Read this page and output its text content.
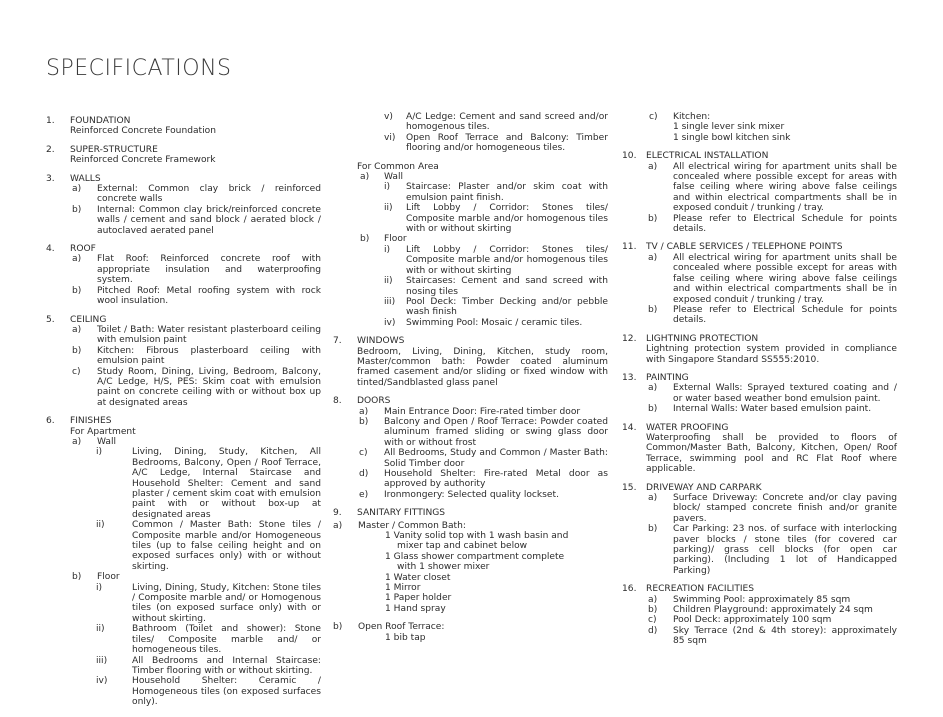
SPECIFICATIONS
1. FOUNDATION
Reinforced Concrete Foundation
2. SUPER-STRUCTURE
Reinforced Concrete Framework
3. WALLS
a) External: Common clay brick / reinforced concrete walls
b) Internal: Common clay brick/reinforced concrete walls / cement and sand block / aerated block / autoclaved aerated panel
4. ROOF
a) Flat Roof: Reinforced concrete roof with appropriate insulation and waterproofing system.
b) Pitched Roof: Metal roofing system with rock wool insulation.
5. CEILING
a) Toilet / Bath: Water resistant plasterboard ceiling with emulsion paint
b) Kitchen: Fibrous plasterboard ceiling with emulsion paint
c) Study Room, Dining, Living, Bedroom, Balcony, A/C Ledge, H/S, PES: Skim coat with emulsion paint on concrete ceiling with or without box up at designated areas
6. FINISHES
For Apartment
a) Wall
i)	Living, Dining, Study, Kitchen, All Bedrooms, Balcony, Open / Roof Terrace, A/C Ledge, Internal Staircase and Household Shelter: Cement and sand plaster / cement skim coat with emulsion paint with or without box-up at designated areas
ii)	Common / Master Bath: Stone tiles / Composite marble and/or Homogeneous tiles (up to false ceiling height and on exposed surfaces only) with or without skirting.
b) Floor
i)	Living, Dining, Study, Kitchen: Stone tiles / Composite marble and/ or Homogenous tiles (on exposed surface only) with or without skirting.
ii)	Bathroom (Toilet and shower): Stone tiles/ Composite marble and/ or homogeneous tiles.
iii)	All Bedrooms and Internal Staircase: Timber flooring with or without skirting.
iv)	Household Shelter: Ceramic / Homogeneous tiles (on exposed surfaces only).
v) A/C Ledge: Cement and sand screed and/or homogenous tiles.
vi) Open Roof Terrace and Balcony: Timber flooring and/or homogeneous tiles.
For Common Area
a) Wall
i) Staircase: Plaster and/or skim coat with emulsion paint finish.
ii) Lift Lobby / Corridor: Stones tiles/ Composite marble and/or homogenous tiles with or without skirting
b) Floor
i) Lift Lobby / Corridor: Stones tiles/ Composite marble and/or homogenous tiles with or without skirting
ii) Staircases: Cement and sand screed with nosing tiles
iii) Pool Deck: Timber Decking and/or pebble wash finish
iv) Swimming Pool: Mosaic / ceramic tiles.
7. WINDOWS
Bedroom, Living, Dining, Kitchen, study room, Master/common bath: Powder coated aluminum framed casement and/or sliding or fixed window with tinted/Sandblasted glass panel
8. DOORS
a) Main Entrance Door: Fire-rated timber door
b) Balcony and Open / Roof Terrace: Powder coated aluminum framed sliding or swing glass door with or without frost
c) All Bedrooms, Study and Common / Master Bath: Solid Timber door
d) Household Shelter: Fire-rated Metal door as approved by authority
e) Ironmongery: Selected quality lockset.
9. SANITARY FITTINGS
a) Master / Common Bath:
1 Vanity solid top with 1 wash basin and
mixer tap and cabinet below
1 Glass shower compartment complete
with 1 shower mixer
1 Water closet
1 Mirror
1 Paper holder
1 Hand spray
b) Open Roof Terrace:
1 bib tap
c) Kitchen:
1 single lever sink mixer
1 single bowl kitchen sink
10. ELECTRICAL INSTALLATION
a) All electrical wiring for apartment units shall be concealed where possible except for areas with false ceiling where wiring above false ceilings and within electrical compartments shall be in exposed conduit / trunking / tray.
b) Please refer to Electrical Schedule for points details.
11. TV / CABLE SERVICES / TELEPHONE POINTS
a) All electrical wiring for apartment units shall be concealed where possible except for areas with false ceiling where wiring above false ceilings and within electrical compartments shall be in exposed conduit / trunking / tray.
b) Please refer to Electrical Schedule for points details.
12. LIGHTNING PROTECTION
Lightning protection system provided in compliance with Singapore Standard SS555:2010.
13. PAINTING
a) External Walls: Sprayed textured coating and / or water based weather bond emulsion paint.
b) Internal Walls: Water based emulsion paint.
14. WATER PROOFING
Waterproofing shall be provided to floors of Common/Master Bath, Balcony, Kitchen, Open/ Roof Terrace, swimming pool and RC Flat Roof where applicable.
15. DRIVEWAY AND CARPARK
a) Surface Driveway: Concrete and/or clay paving block/ stamped concrete finish and/or granite pavers.
b) Car Parking: 23 nos. of surface with interlocking paver blocks / stone tiles (for covered car parking)/ grass cell blocks (for open car parking). (Including 1 lot of Handicapped Parking)
16. RECREATION FACILITIES
a) Swimming Pool: approximately 85 sqm
b) Children Playground: approximately 24 sqm
c) Pool Deck: approximately 100 sqm
d) Sky Terrace (2nd & 4th storey): approximately 85 sqm
